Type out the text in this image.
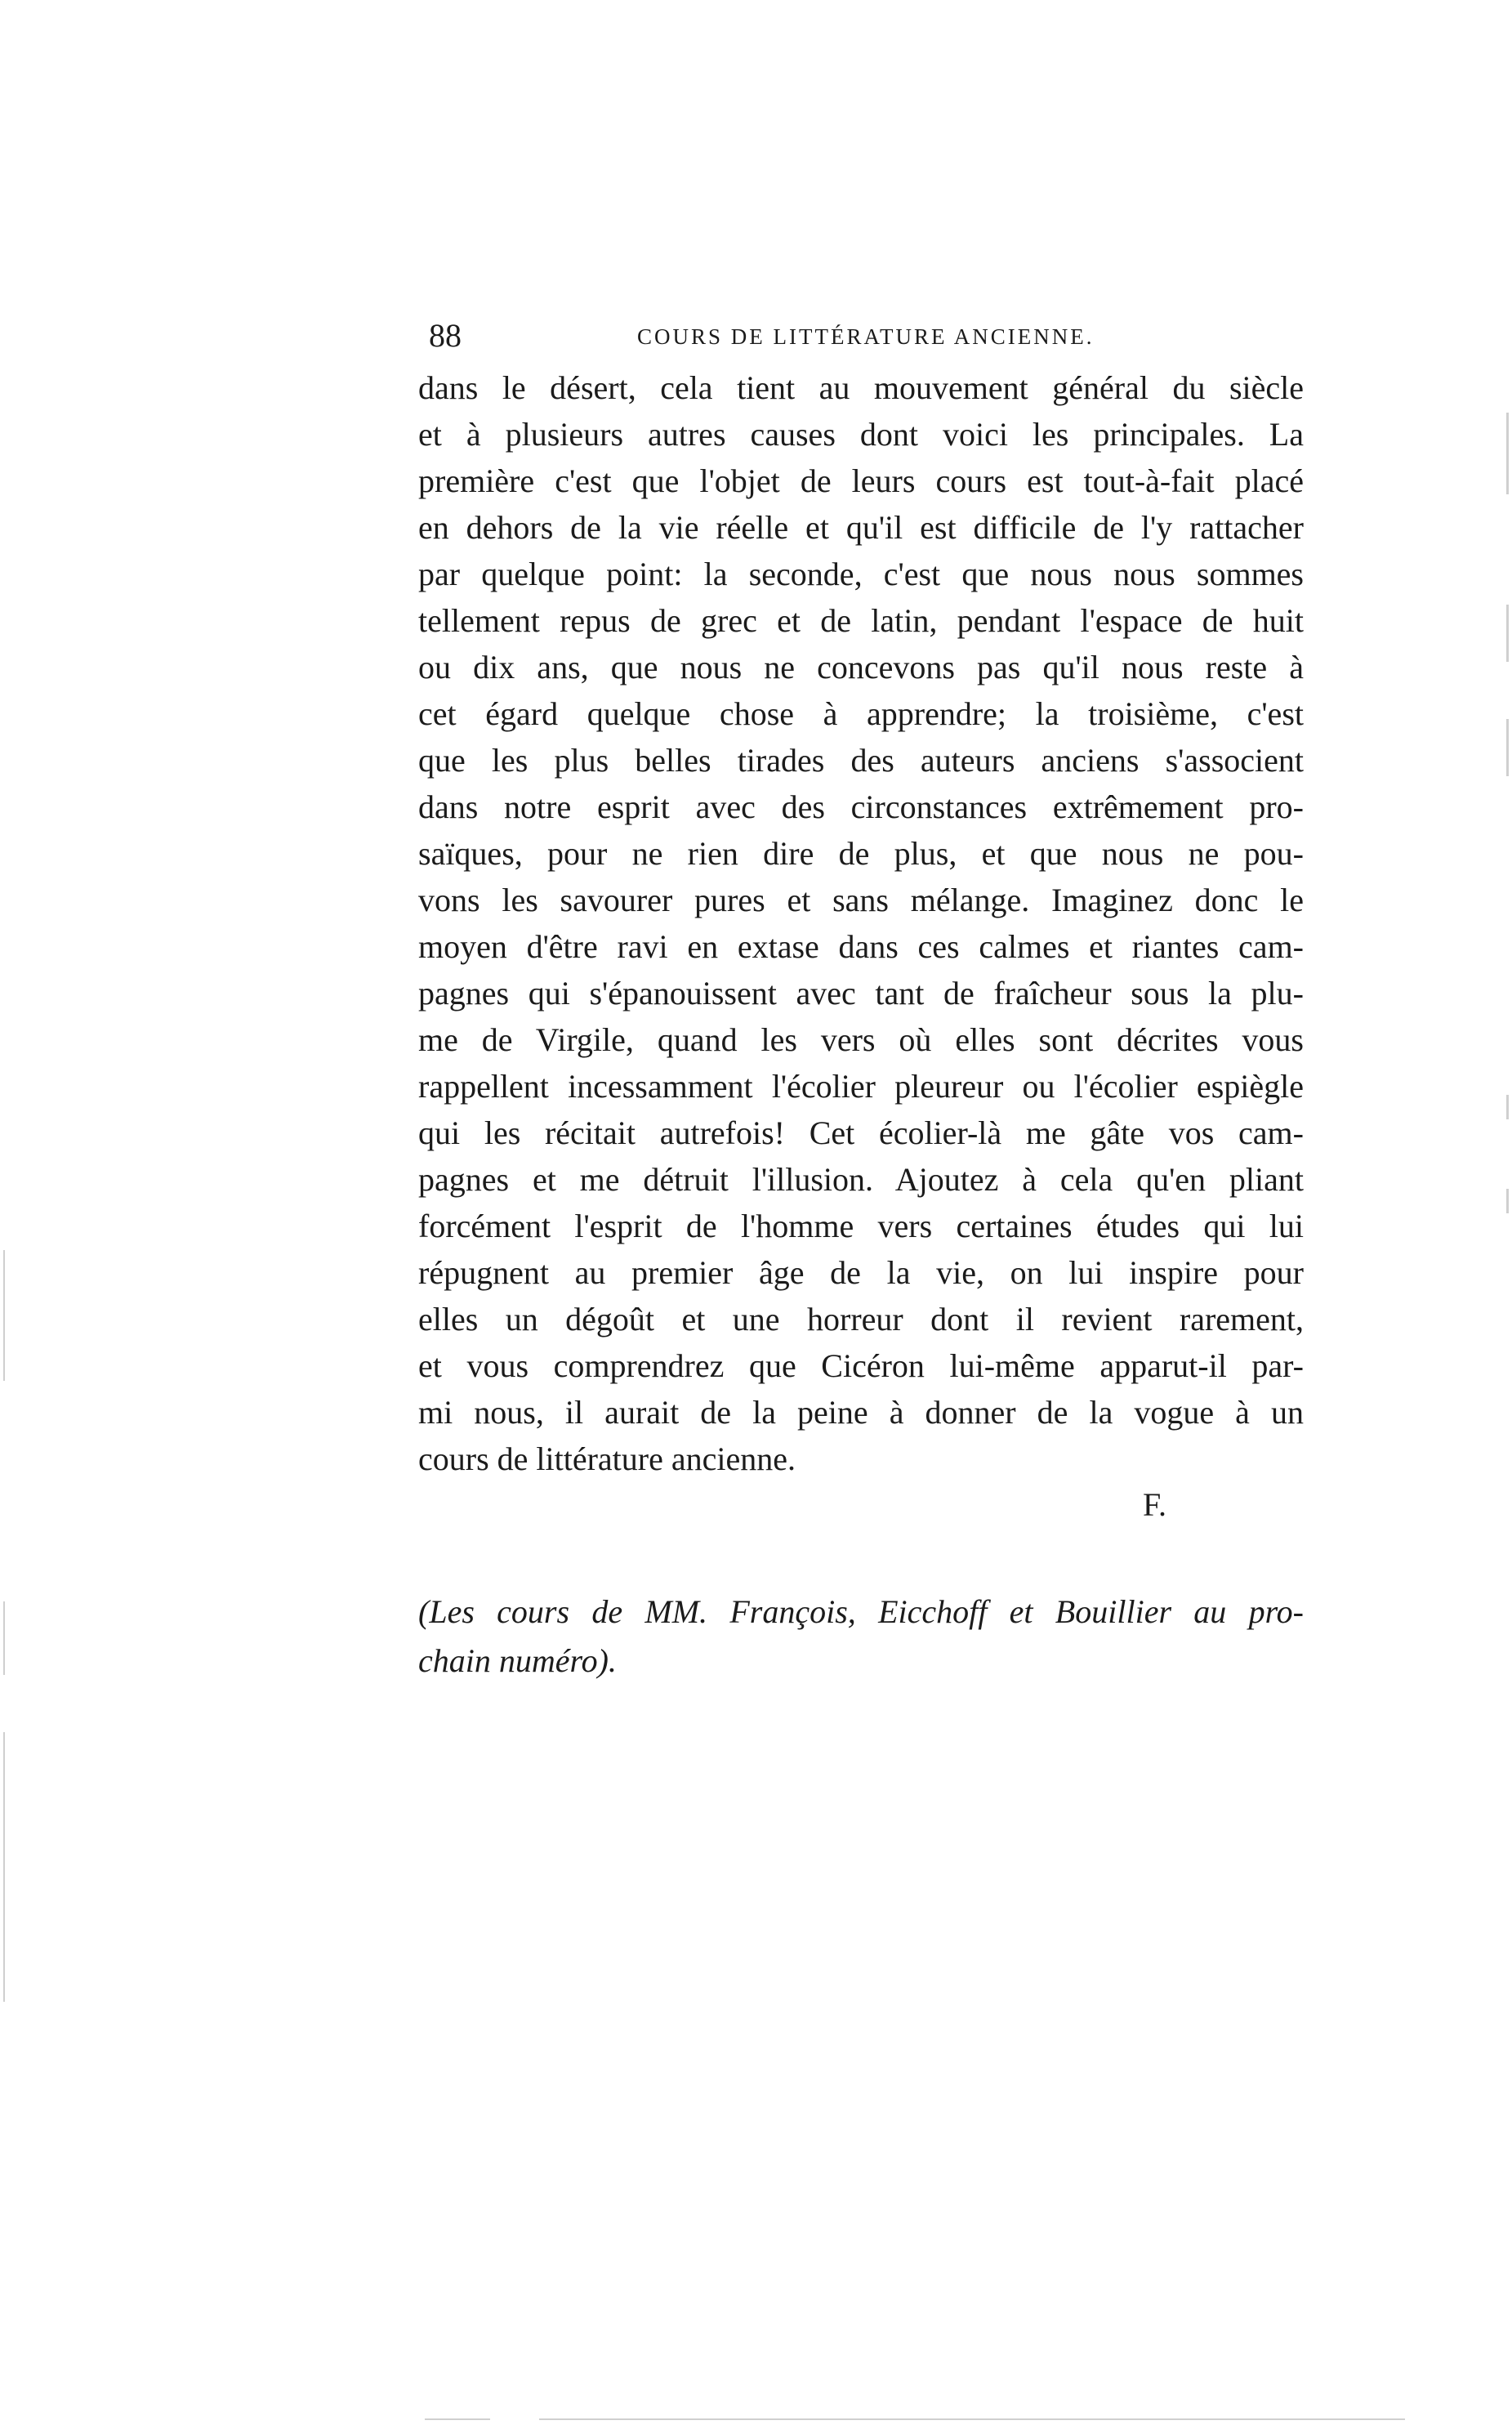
88	COURS DE LITTÉRATURE ANCIENNE.
dans le désert, cela tient au mouvement général du siècle
et à plusieurs autres causes dont voici les principales. La
première c'est que l'objet de leurs cours est tout-à-fait placé
en dehors de la vie réelle et qu'il est difficile de l'y rattacher
par quelque point: la seconde, c'est que nous nous sommes
tellement repus de grec et de latin, pendant l'espace de huit
ou dix ans, que nous ne concevons pas qu'il nous reste à
cet égard quelque chose à apprendre; la troisième, c'est
que les plus belles tirades des auteurs anciens s'associent
dans notre esprit avec des circonstances extrêmement pro-
saïques, pour ne rien dire de plus, et que nous ne pou-
vons les savourer pures et sans mélange. Imaginez donc le
moyen d'être ravi en extase dans ces calmes et riantes cam-
pagnes qui s'épanouissent avec tant de fraîcheur sous la plu-
me de Virgile, quand les vers où elles sont décrites vous
rappellent incessamment l'écolier pleureur ou l'écolier espiègle
qui les récitait autrefois! Cet écolier-là me gâte vos cam-
pagnes et me détruit l'illusion. Ajoutez à cela qu'en pliant
forcément l'esprit de l'homme vers certaines études qui lui
répugnent au premier âge de la vie, on lui inspire pour
elles un dégoût et une horreur dont il revient rarement,
et vous comprendrez que Cicéron lui-même apparut-il par-
mi nous, il aurait de la peine à donner de la vogue à un
cours de littérature ancienne.
F.
(Les cours de MM. François, Eicchoff et Bouillier au pro-
chain numéro).
